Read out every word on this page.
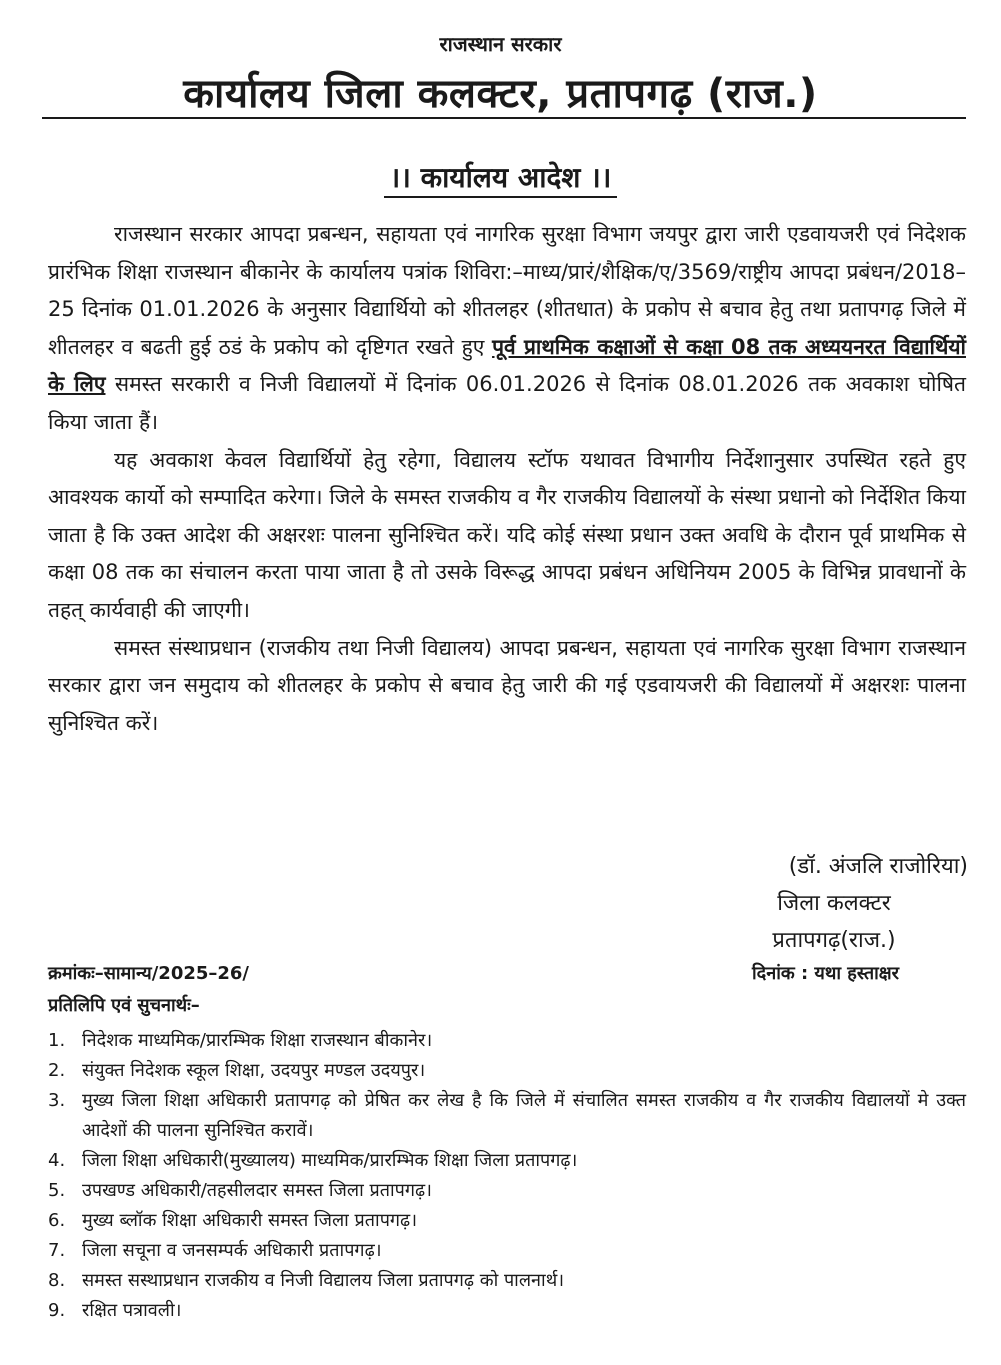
राजस्थान सरकार
कार्यालय जिला कलक्टर, प्रतापगढ़ (राज.)
।। कार्यालय आदेश ।।

राजस्थान सरकार आपदा प्रबन्धन, सहायता एवं नागरिक सुरक्षा विभाग जयपुर द्वारा जारी एडवायजरी एवं निदेशक प्रारंभिक शिक्षा राजस्थान बीकानेर के कार्यालय पत्रांक शिविरा:–माध्य/प्रारं/शैक्षिक/ए/3569/राष्ट्रीय आपदा प्रबंधन/2018–25 दिनांक 01.01.2026 के अनुसार विद्यार्थियो को शीतलहर (शीतधात) के प्रकोप से बचाव हेतु तथा प्रतापगढ़ जिले में शीतलहर व बढती हुई ठडं के प्रकोप को दृष्टिगत रखते हुए पूर्व प्राथमिक कक्षाओं से कक्षा 08 तक अध्ययनरत विद्यार्थियों के लिए समस्त सरकारी व निजी विद्यालयों में दिनांक 06.01.2026 से दिनांक 08.01.2026 तक अवकाश घोषित किया जाता हैं।

यह अवकाश केवल विद्यार्थियों हेतु रहेगा, विद्यालय स्टॉफ यथावत विभागीय निर्देशानुसार उपस्थित रहते हुए आवश्यक कार्यो को सम्पादित करेगा। जिले के समस्त राजकीय व गैर राजकीय विद्यालयों के संस्था प्रधानो को निर्देशित किया जाता है कि उक्त आदेश की अक्षरशः पालना सुनिश्चित करें। यदि कोई संस्था प्रधान उक्त अवधि के दौरान पूर्व प्राथमिक से कक्षा 08 तक का संचालन करता पाया जाता है तो उसके विरूद्ध आपदा प्रबंधन अधिनियम 2005 के विभिन्न प्रावधानों के तहत् कार्यवाही की जाएगी।

समस्त संस्थाप्रधान (राजकीय तथा निजी विद्यालय) आपदा प्रबन्धन, सहायता एवं नागरिक सुरक्षा विभाग राजस्थान सरकार द्वारा जन समुदाय को शीतलहर के प्रकोप से बचाव हेतु जारी की गई एडवायजरी की विद्यालयों में अक्षरशः पालना सुनिश्चित करें।

(डॉ. अंजलि राजोरिया)
जिला कलक्टर
प्रतापगढ़(राज.)
क्रमांकः–सामान्य/2025–26/	दिनांक : यथा हस्ताक्षर
प्रतिलिपि एवं सुचनार्थः–
1. निदेशक माध्यमिक/प्रारम्भिक शिक्षा राजस्थान बीकानेर।
2. संयुक्त निदेशक स्कूल शिक्षा, उदयपुर मण्डल उदयपुर।
3. मुख्य जिला शिक्षा अधिकारी प्रतापगढ़ को प्रेषित कर लेख है कि जिले में संचालित समस्त राजकीय व गैर राजकीय विद्यालयों मे उक्त आदेशों की पालना सुनिश्चित करावें।
4. जिला शिक्षा अधिकारी(मुख्यालय) माध्यमिक/प्रारम्भिक शिक्षा जिला प्रतापगढ़।
5. उपखण्ड अधिकारी/तहसीलदार समस्त जिला प्रतापगढ़।
6. मुख्य ब्लॉक शिक्षा अधिकारी समस्त जिला प्रतापगढ़।
7. जिला सचूना व जनसम्पर्क अधिकारी प्रतापगढ़।
8. समस्त सस्थाप्रधान राजकीय व निजी विद्यालय जिला प्रतापगढ़ को पालनार्थ।
9. रक्षित पत्रावली।
